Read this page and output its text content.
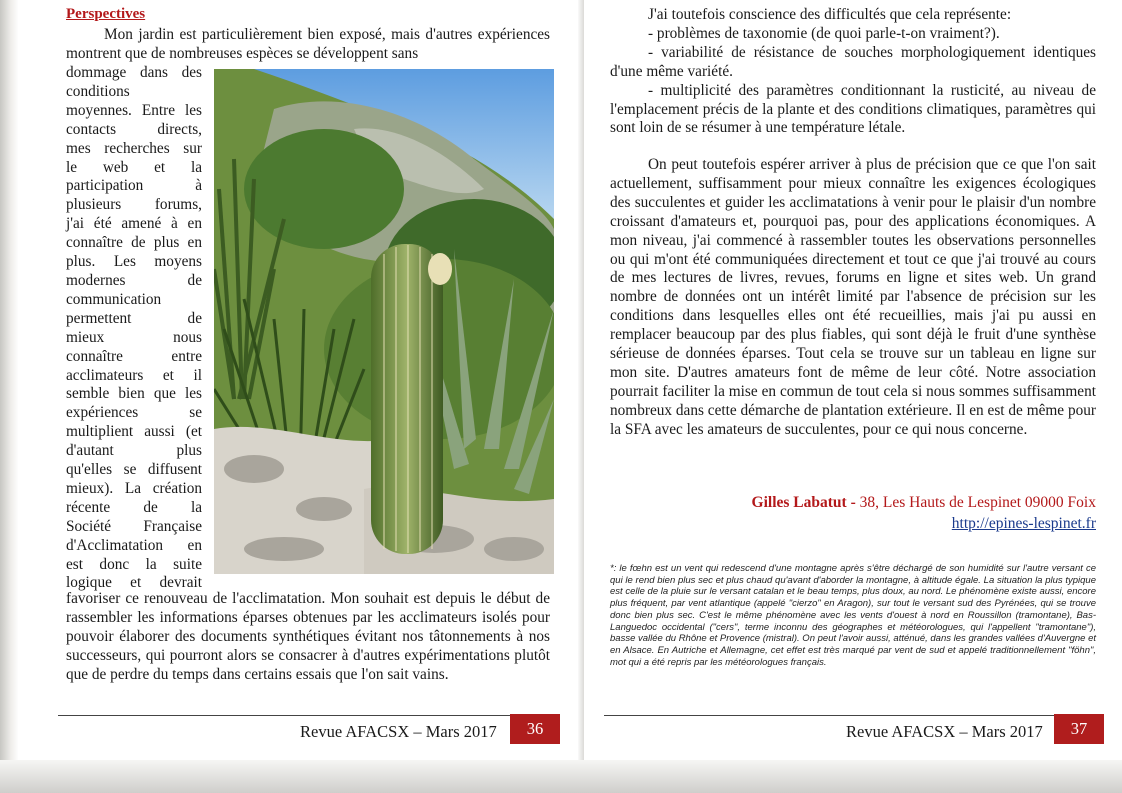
Perspectives

Mon jardin est particulièrement bien exposé, mais d'autres expériences montrent que de nombreuses espèces se développent sans

dommage dans des

conditions

moyennes. Entre les

contacts directs,

mes recherches sur

le web et la

participation à

plusieurs forums,

j'ai été amené à en

connaître de plus en

plus. Les moyens

modernes de

communication

permettent de

mieux nous

connaître entre

acclimateurs et il

semble bien que les

expériences se

multiplient aussi (et

d'autant plus

qu'elles se diffusent

mieux). La création

récente de la

Société Française

d'Acclimatation en

est donc la suite

logique et devrait

favoriser ce renouveau de l'acclimatation. Mon souhait est depuis le début de rassembler les informations éparses obtenues par les acclimateurs isolés pour pouvoir élaborer des documents synthétiques évitant nos tâtonnements à nos successeurs, qui pourront alors se consacrer à d'autres expérimentations plutôt que de perdre du temps dans certains essais que l'on sait vains.

Revue AFACSX – Mars 2017	36

J'ai toutefois conscience des difficultés que cela représente:

- problèmes de taxonomie (de quoi parle-t-on vraiment?).

- variabilité de résistance de souches morphologiquement identiques d'une même variété.

- multiplicité des paramètres conditionnant la rusticité, au niveau de l'emplacement précis de la plante et des conditions climatiques, paramètres qui sont loin de se résumer à une température létale.

On peut toutefois espérer arriver à plus de précision que ce que l'on sait actuellement, suffisamment pour mieux connaître les exigences écologiques des succulentes et guider les acclimatations à venir pour le plaisir d'un nombre croissant d'amateurs et, pourquoi pas, pour des applications économiques. A mon niveau, j'ai commencé à rassembler toutes les observations personnelles ou qui m'ont été communiquées directement et tout ce que j'ai trouvé au cours de mes lectures de livres, revues, forums en ligne et sites web. Un grand nombre de données ont un intérêt limité par l'absence de précision sur les conditions dans lesquelles elles ont été recueillies, mais j'ai pu aussi en remplacer beaucoup par des plus fiables, qui sont déjà le fruit d'une synthèse sérieuse de données éparses. Tout cela se trouve sur un tableau en ligne sur mon site. D'autres amateurs font de même de leur côté. Notre association pourrait faciliter la mise en commun de tout cela si nous sommes suffisamment nombreux dans cette démarche de plantation extérieure. Il en est de même pour la SFA avec les amateurs de succulentes, pour ce qui nous concerne.

Gilles Labatut - 38, Les Hauts de Lespinet 09000 Foix
http://epines-lespinet.fr
*: le fœhn est un vent qui redescend d'une montagne après s'être déchargé de son humidité sur l'autre versant ce qui le rend bien plus sec et plus chaud qu'avant d'aborder la montagne, à altitude égale. La situation la plus typique est celle de la pluie sur le versant catalan et le beau temps, plus doux, au nord. Le phénomène existe aussi, encore plus fréquent, par vent atlantique (appelé "cierzo" en Aragon), sur tout le versant sud des Pyrénées, qui se trouve donc bien plus sec. C'est le même phénomène avec les vents d'ouest à nord en Roussillon (tramontane), Bas-Languedoc occidental ("cers", terme inconnu des géographes et météorologues, qui l'appellent "tramontane"), basse vallée du Rhône et Provence (mistral). On peut l'avoir aussi, atténué, dans les grandes vallées d'Auvergne et en Alsace. En Autriche et Allemagne, cet effet est très marqué par vent de sud et appelé traditionnellement "föhn", mot qui a été repris par les météorologues français.
Revue AFACSX – Mars 2017	37
